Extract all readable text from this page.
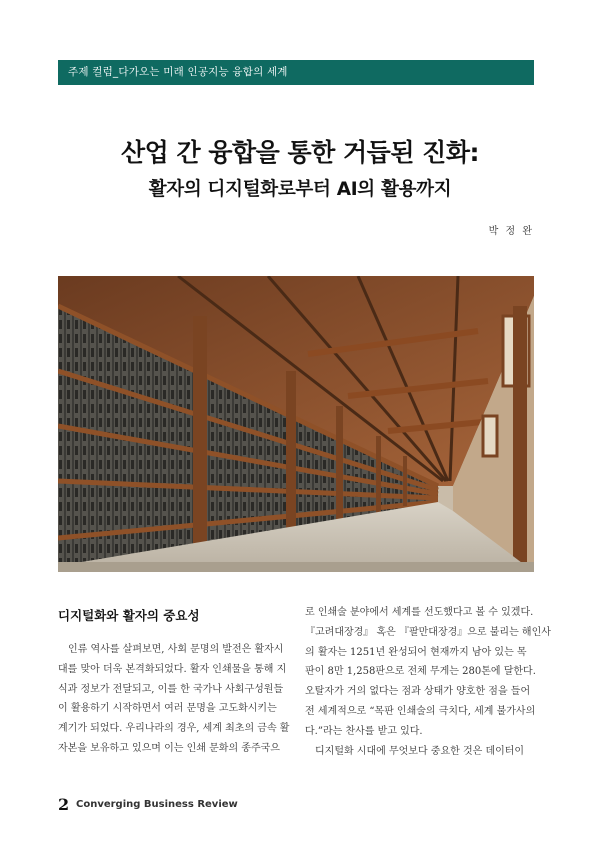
주제 컬럼_다가오는 미래 인공지능 융합의 세계
산업 간 융합을 통한 거듭된 진화:
활자의 디지털화로부터 AI의 활용까지
박 정 완
디지털화와 활자의 중요성
인류 역사를 살펴보면, 사회 문명의 발전은 활자시
대를 맞아 더욱 본격화되었다. 활자 인쇄물을 통해 지
식과 정보가 전달되고, 이를 한 국가나 사회구성원들
이 활용하기 시작하면서 여러 문명을 고도화시키는
계기가 되었다. 우리나라의 경우, 세계 최초의 금속 활
자본을 보유하고 있으며 이는 인쇄 문화의 종주국으
로 인쇄술 분야에서 세계를 선도했다고 볼 수 있겠다.
『고려대장경』 혹은 『팔만대장경』으로 불리는 해인사
의 활자는 1251년 완성되어 현재까지 남아 있는 목
판이 8만 1,258판으로 전체 무게는 280톤에 달한다.
오탈자가 거의 없다는 점과 상태가 양호한 점을 들어
전 세계적으로 “목판 인쇄술의 극치다, 세계 불가사의
다.”라는 찬사를 받고 있다.
디지털화 시대에 무엇보다 중요한 것은 데이터이
2 Converging Business Review
